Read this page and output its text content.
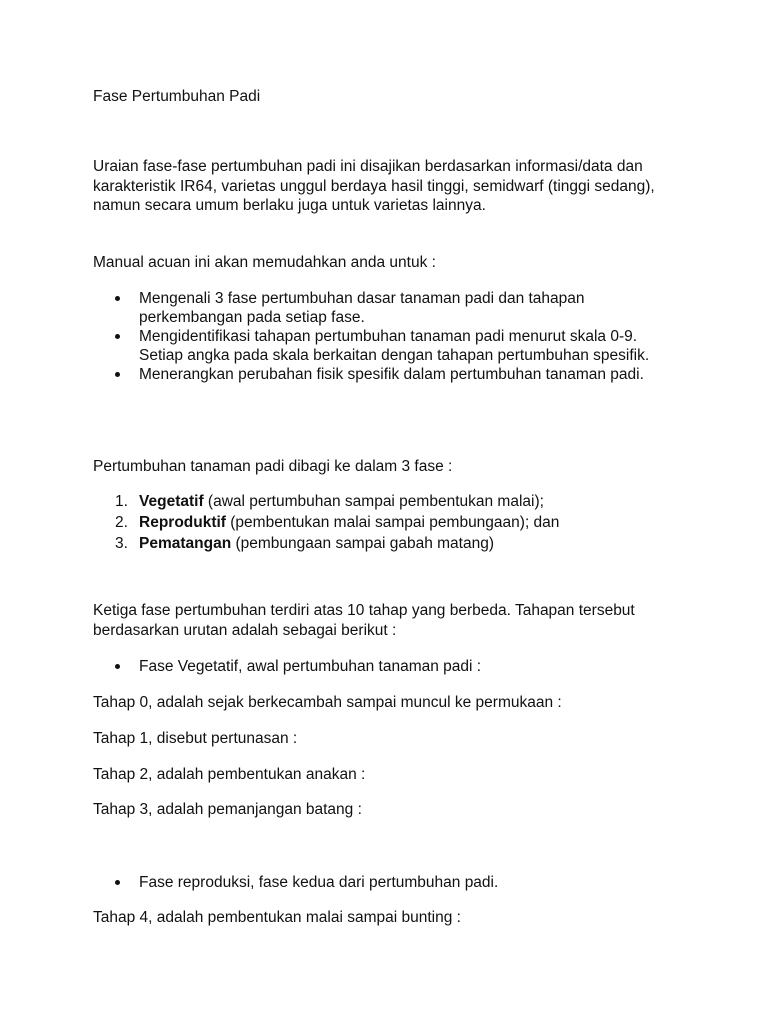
Fase Pertumbuhan Padi
Uraian fase-fase pertumbuhan padi ini disajikan berdasarkan informasi/data dan karakteristik IR64, varietas unggul berdaya hasil tinggi, semidwarf (tinggi sedang), namun secara umum berlaku juga untuk varietas lainnya.
Manual acuan ini akan memudahkan anda untuk :
Mengenali 3 fase pertumbuhan dasar tanaman padi dan tahapan perkembangan pada setiap fase.
Mengidentifikasi tahapan pertumbuhan tanaman padi menurut skala 0-9. Setiap angka pada skala berkaitan dengan tahapan pertumbuhan spesifik.
Menerangkan perubahan fisik spesifik dalam pertumbuhan tanaman padi.
Pertumbuhan tanaman padi dibagi ke dalam 3 fase :
1. Vegetatif (awal pertumbuhan sampai pembentukan malai);
2. Reproduktif (pembentukan malai sampai pembungaan); dan
3. Pematangan (pembungaan sampai gabah matang)
Ketiga fase pertumbuhan terdiri atas 10 tahap yang berbeda. Tahapan tersebut berdasarkan urutan adalah sebagai berikut :
Fase Vegetatif, awal pertumbuhan tanaman padi :
Tahap 0, adalah sejak berkecambah sampai muncul ke permukaan :
Tahap 1, disebut pertunasan :
Tahap 2, adalah pembentukan anakan :
Tahap 3, adalah pemanjangan batang :
Fase reproduksi, fase kedua dari pertumbuhan padi.
Tahap 4, adalah pembentukan malai sampai bunting :
